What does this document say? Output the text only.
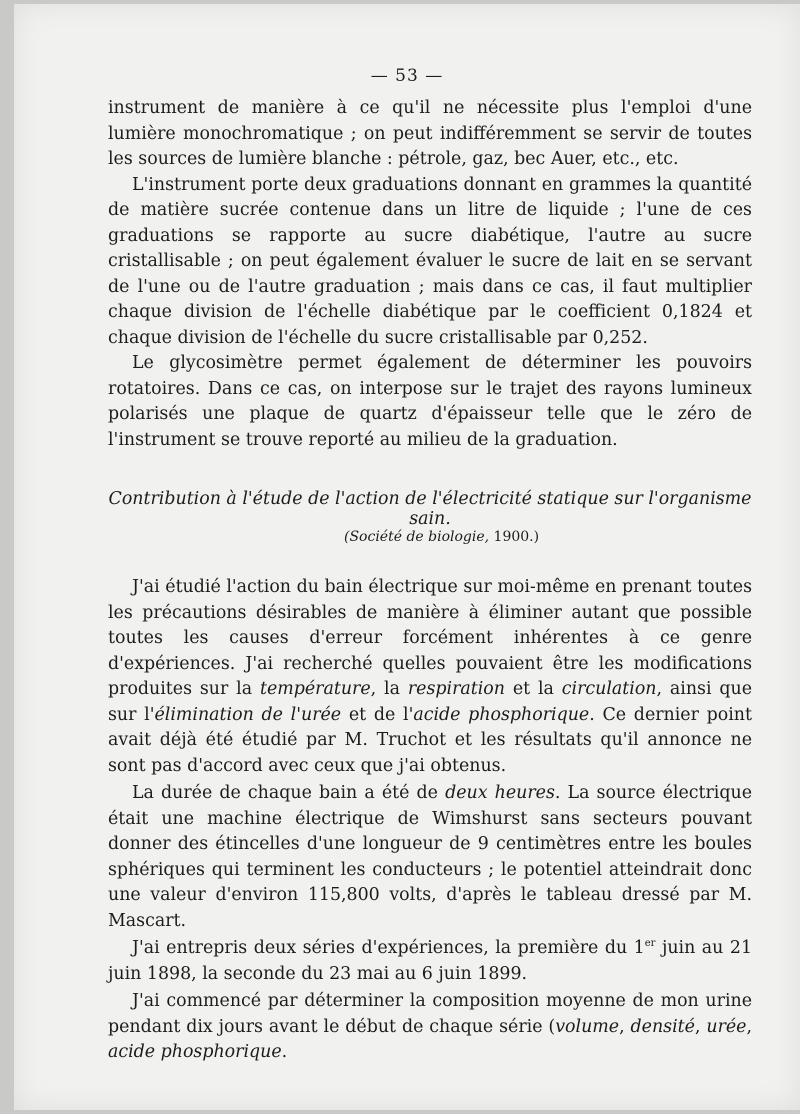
— 53 —

instrument de manière à ce qu'il ne nécessite plus l'emploi d'une lumière monochromatique ; on peut indifféremment se servir de toutes les sources de lumière blanche : pétrole, gaz, bec Auer, etc., etc.

L'instrument porte deux graduations donnant en grammes la quantité de matière sucrée contenue dans un litre de liquide ; l'une de ces graduations se rapporte au sucre diabétique, l'autre au sucre cristallisable ; on peut également évaluer le sucre de lait en se servant de l'une ou de l'autre graduation ; mais dans ce cas, il faut multiplier chaque division de l'échelle diabétique par le coefficient 0,1824 et chaque division de l'échelle du sucre cristallisable par 0,252.

Le glycosimètre permet également de déterminer les pouvoirs rotatoires. Dans ce cas, on interpose sur le trajet des rayons lumineux polarisés une plaque de quartz d'épaisseur telle que le zéro de l'instrument se trouve reporté au milieu de la graduation.

Contribution à l'étude de l'action de l'électricité statique sur l'organisme sain.
(Société de biologie, 1900.)

J'ai étudié l'action du bain électrique sur moi-même en prenant toutes les précautions désirables de manière à éliminer autant que possible toutes les causes d'erreur forcément inhérentes à ce genre d'expériences. J'ai recherché quelles pouvaient être les modifications produites sur la température, la respiration et la circulation, ainsi que sur l'élimination de l'urée et de l'acide phosphorique. Ce dernier point avait déjà été étudié par M. Truchot et les résultats qu'il annonce ne sont pas d'accord avec ceux que j'ai obtenus.

La durée de chaque bain a été de deux heures. La source électrique était une machine électrique de Wimshurst sans secteurs pouvant donner des étincelles d'une longueur de 9 centimètres entre les boules sphériques qui terminent les conducteurs ; le potentiel atteindrait donc une valeur d'environ 115,800 volts, d'après le tableau dressé par M. Mascart.

J'ai entrepris deux séries d'expériences, la première du 1er juin au 21 juin 1898, la seconde du 23 mai au 6 juin 1899.

J'ai commencé par déterminer la composition moyenne de mon urine pendant dix jours avant le début de chaque série (volume, densité, urée, acide phosphorique.
